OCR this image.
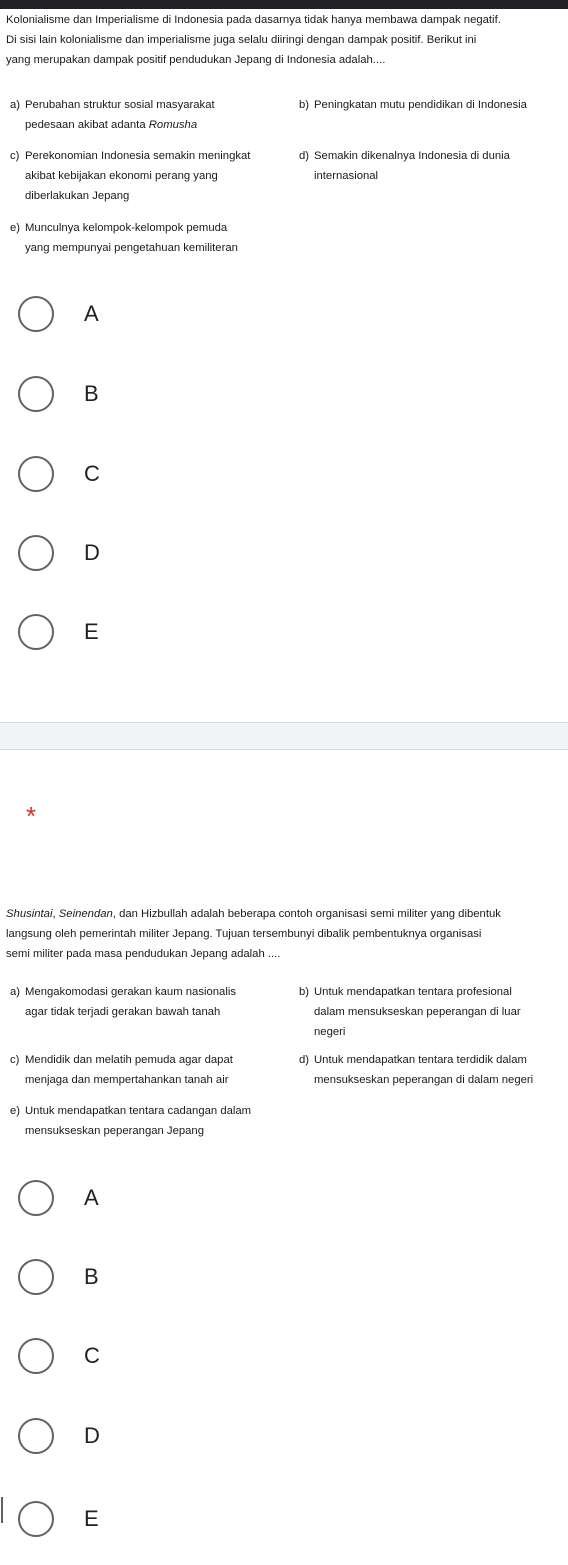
Kolonialisme dan Imperialisme di Indonesia pada dasarnya tidak hanya membawa dampak negatif.

Di sisi lain kolonialisme dan imperialisme juga selalu diiringi dengan dampak positif. Berikut ini

yang merupakan dampak positif pendudukan Jepang di Indonesia adalah....

a) Perubahan struktur sosial masyarakat
pedesaan akibat adanta Romusha
b) Peningkatan mutu pendidikan di Indonesia
c) Perekonomian Indonesia semakin meningkat
akibat kebijakan ekonomi perang yang
diberlakukan Jepang
d) Semakin dikenalnya Indonesia di dunia
internasional
e) Munculnya kelompok-kelompok pemuda
yang mempunyai pengetahuan kemiliteran
A
B
C
D
E
*

Shusintai, Seinendan, dan Hizbullah adalah beberapa contoh organisasi semi militer yang dibentuk

langsung oleh pemerintah militer Jepang. Tujuan tersembunyi dibalik pembentuknya organisasi

semi militer pada masa pendudukan Jepang adalah ....

a) Mengakomodasi gerakan kaum nasionalis
agar tidak terjadi gerakan bawah tanah
b) Untuk mendapatkan tentara profesional
dalam mensukseskan peperangan di luar
negeri
c) Mendidik dan melatih pemuda agar dapat
menjaga dan mempertahankan tanah air
d) Untuk mendapatkan tentara terdidik dalam
mensukseskan peperangan di dalam negeri
e) Untuk mendapatkan tentara cadangan dalam
mensukseskan peperangan Jepang
A
B
C
D
E
